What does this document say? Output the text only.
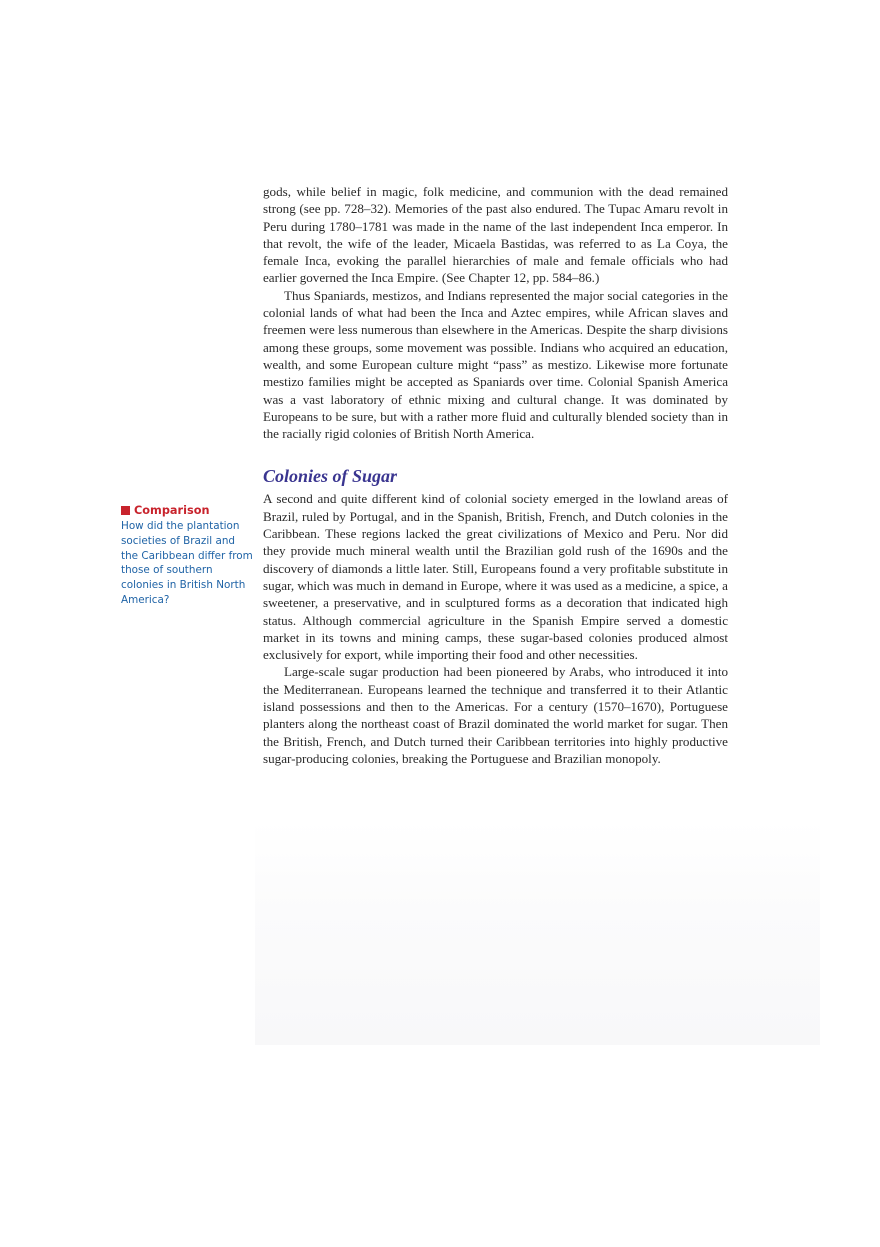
gods, while belief in magic, folk medicine, and communion with the dead remained strong (see pp. 728–32). Memories of the past also endured. The Tupac Amaru revolt in Peru during 1780–1781 was made in the name of the last independent Inca emperor. In that revolt, the wife of the leader, Micaela Bastidas, was referred to as La Coya, the female Inca, evoking the parallel hierarchies of male and female officials who had earlier governed the Inca Empire. (See Chapter 12, pp. 584–86.)

Thus Spaniards, mestizos, and Indians represented the major social categories in the colonial lands of what had been the Inca and Aztec empires, while African slaves and freemen were less numerous than elsewhere in the Americas. Despite the sharp divisions among these groups, some movement was possible. Indians who acquired an education, wealth, and some European culture might “pass” as mestizo. Likewise more fortunate mestizo families might be accepted as Spaniards over time. Colonial Spanish America was a vast laboratory of ethnic mixing and cultural change. It was dominated by Europeans to be sure, but with a rather more fluid and culturally blended society than in the racially rigid colonies of British North America.

Colonies of Sugar

A second and quite different kind of colonial society emerged in the lowland areas of Brazil, ruled by Portugal, and in the Spanish, British, French, and Dutch colonies in the Caribbean. These regions lacked the great civilizations of Mexico and Peru. Nor did they provide much mineral wealth until the Brazilian gold rush of the 1690s and the discovery of diamonds a little later. Still, Europeans found a very profitable substitute in sugar, which was much in demand in Europe, where it was used as a medicine, a spice, a sweetener, a preservative, and in sculptured forms as a decoration that indicated high status. Although commercial agriculture in the Spanish Empire served a domestic market in its towns and mining camps, these sugar-based colonies produced almost exclusively for export, while importing their food and other necessities.

Large-scale sugar production had been pioneered by Arabs, who introduced it into the Mediterranean. Europeans learned the technique and transferred it to their Atlantic island possessions and then to the Americas. For a century (1570–1670), Portuguese planters along the northeast coast of Brazil dominated the world market for sugar. Then the British, French, and Dutch turned their Caribbean territories into highly productive sugar-producing colonies, breaking the Portuguese and Brazilian monopoly.

Comparison

How did the plantation societies of Brazil and the Caribbean differ from those of southern colonies in British North America?
